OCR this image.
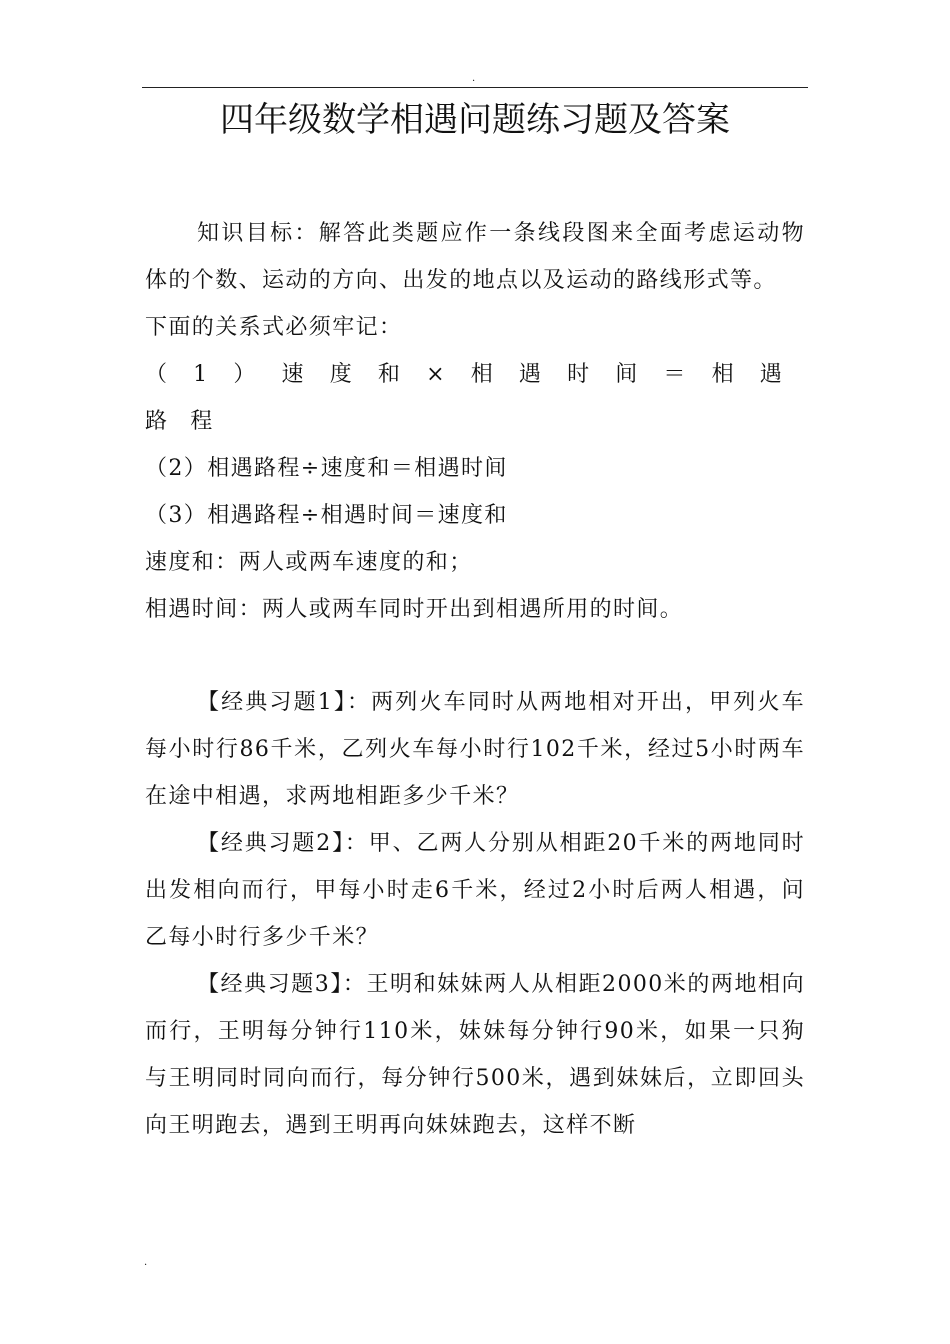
.
四年级数学相遇问题练习题及答案

知识目标：解答此类题应作一条线段图来全面考虑运动物体的个数、运动的方向、出发的地点以及运动的路线形式等。

下面的关系式必须牢记：

（1）速度和×相遇时间＝相遇路程

（2）相遇路程÷速度和＝相遇时间

（3）相遇路程÷相遇时间＝速度和

速度和：两人或两车速度的和；

相遇时间：两人或两车同时开出到相遇所用的时间。

【经典习题1】：两列火车同时从两地相对开出，甲列火车每小时行86千米，乙列火车每小时行102千米，经过5小时两车在途中相遇，求两地相距多少千米？

【经典习题2】：甲、乙两人分别从相距20千米的两地同时出发相向而行，甲每小时走6千米，经过2小时后两人相遇，问乙每小时行多少千米？

【经典习题3】：王明和妹妹两人从相距2000米的两地相向而行，王明每分钟行110米，妹妹每分钟行90米，如果一只狗与王明同时同向而行，每分钟行500米，遇到妹妹后，立即回头向王明跑去，遇到王明再向妹妹跑去，这样不断

.
